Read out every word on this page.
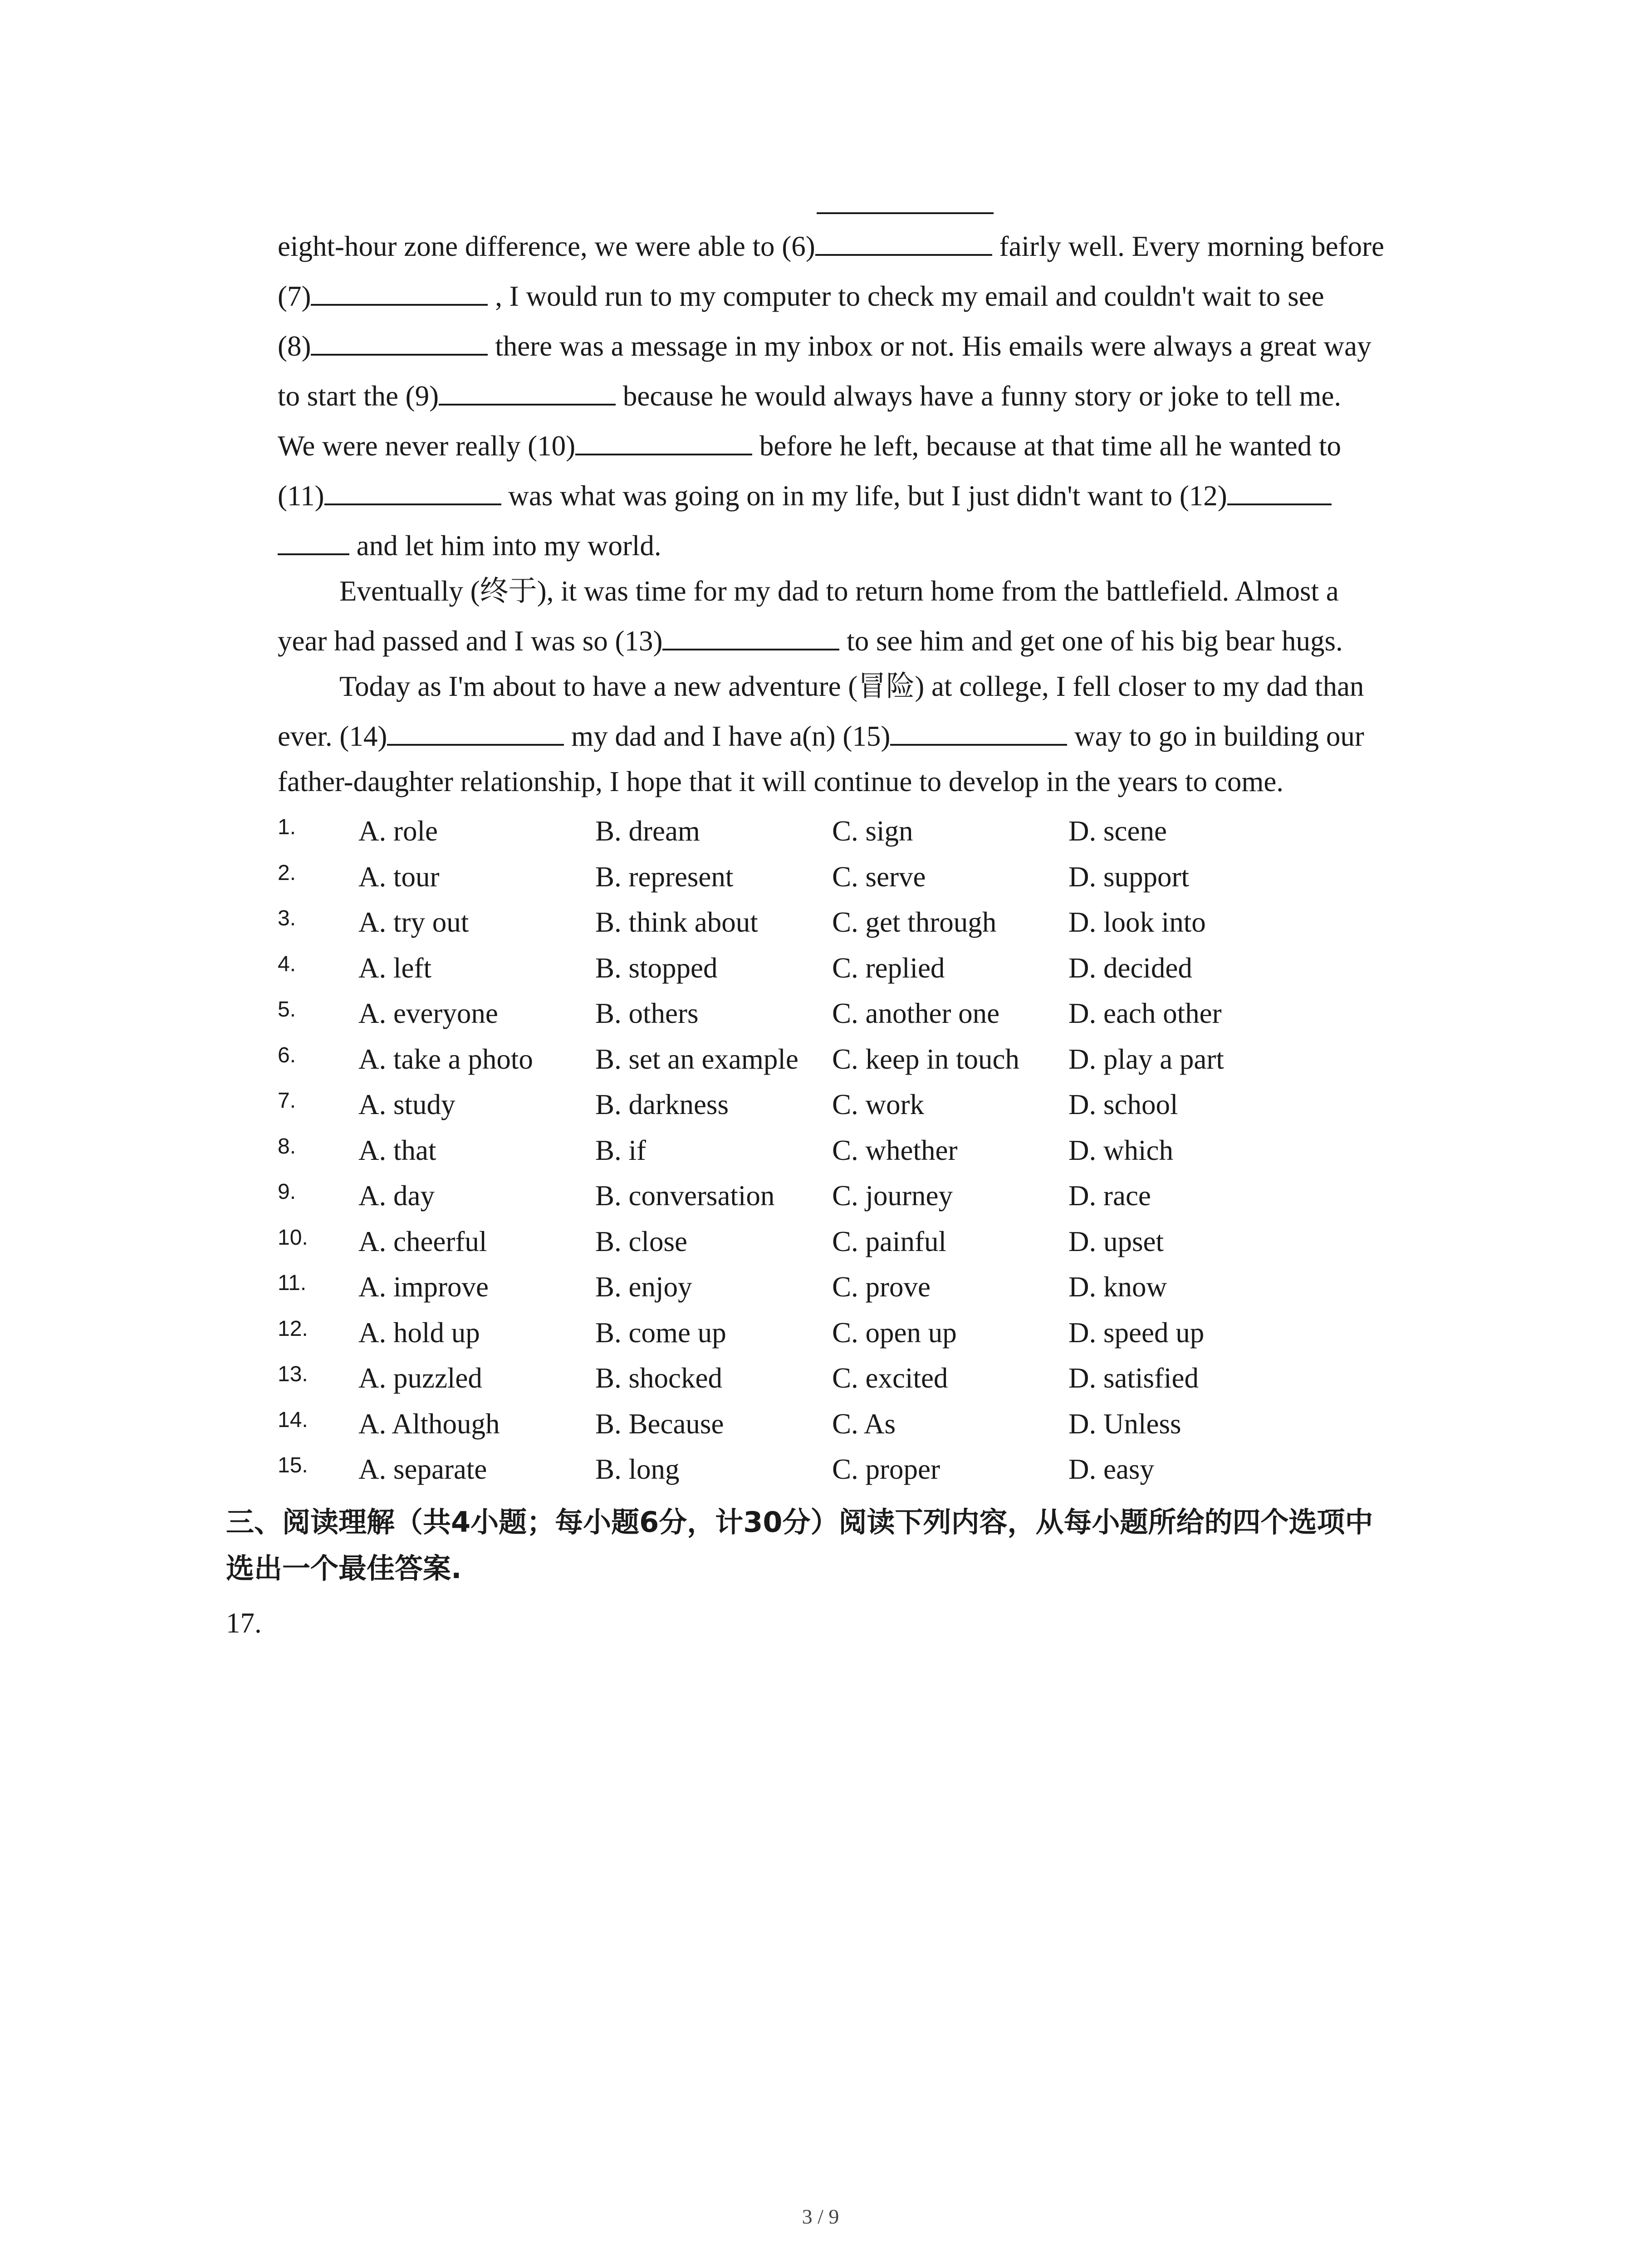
eight-hour zone difference, we were able to (6)	fairly well. Every morning before
(7)	, I would run to my computer to check my email and couldn't wait to see
(8)	there was a message in my inbox or not. His emails were always a great way
to start the (9)	because he would always have a funny story or joke to tell me.
We were never really (10)	before he left, because at that time all he wanted to
(11)	was what was going on in my life, but I just didn't want to (12)
and let him into my world.
Eventually (终于), it was time for my dad to return home from the battlefield. Almost a
year had passed and I was so (13)	to see him and get one of his big bear hugs.
Today as I'm about to have a new adventure (冒险) at college, I fell closer to my dad than
ever. (14)	my dad and I have a(n) (15)	way to go in building our
father-daughter relationship, I hope that it will continue to develop in the years to come.
1. A. role	B. dream	C. sign	D. scene
2. A. tour	B. represent	C. serve	D. support
3. A. try out	B. think about	C. get through	D. look into
4. A. left	B. stopped	C. replied	D. decided
5. A. everyone	B. others	C. another one D. each other
6. A. take a photo B. set an example C. keep in touch D. play a part
7. A. study	B. darkness	C. work	D. school
8. A. that	B. if	C. whether	D. which
9. A. day	B. conversation C. journey	D. race
10. A. cheerful	B. close	C. painful	D. upset
11. A. improve	B. enjoy	C. prove	D. know
12. A. hold up	B. come up	C. open up	D. speed up
13. A. puzzled	B. shocked	C. excited	D. satisfied
14. A. Although	B. Because	C. As	D. Unless
15. A. separate	B. long	C. proper	D. easy
三、阅读理解（共4小题；每小题6分，计30分）阅读下列内容，从每小题所给的四个选项中
选出一个最佳答案.
17.
3 / 9
